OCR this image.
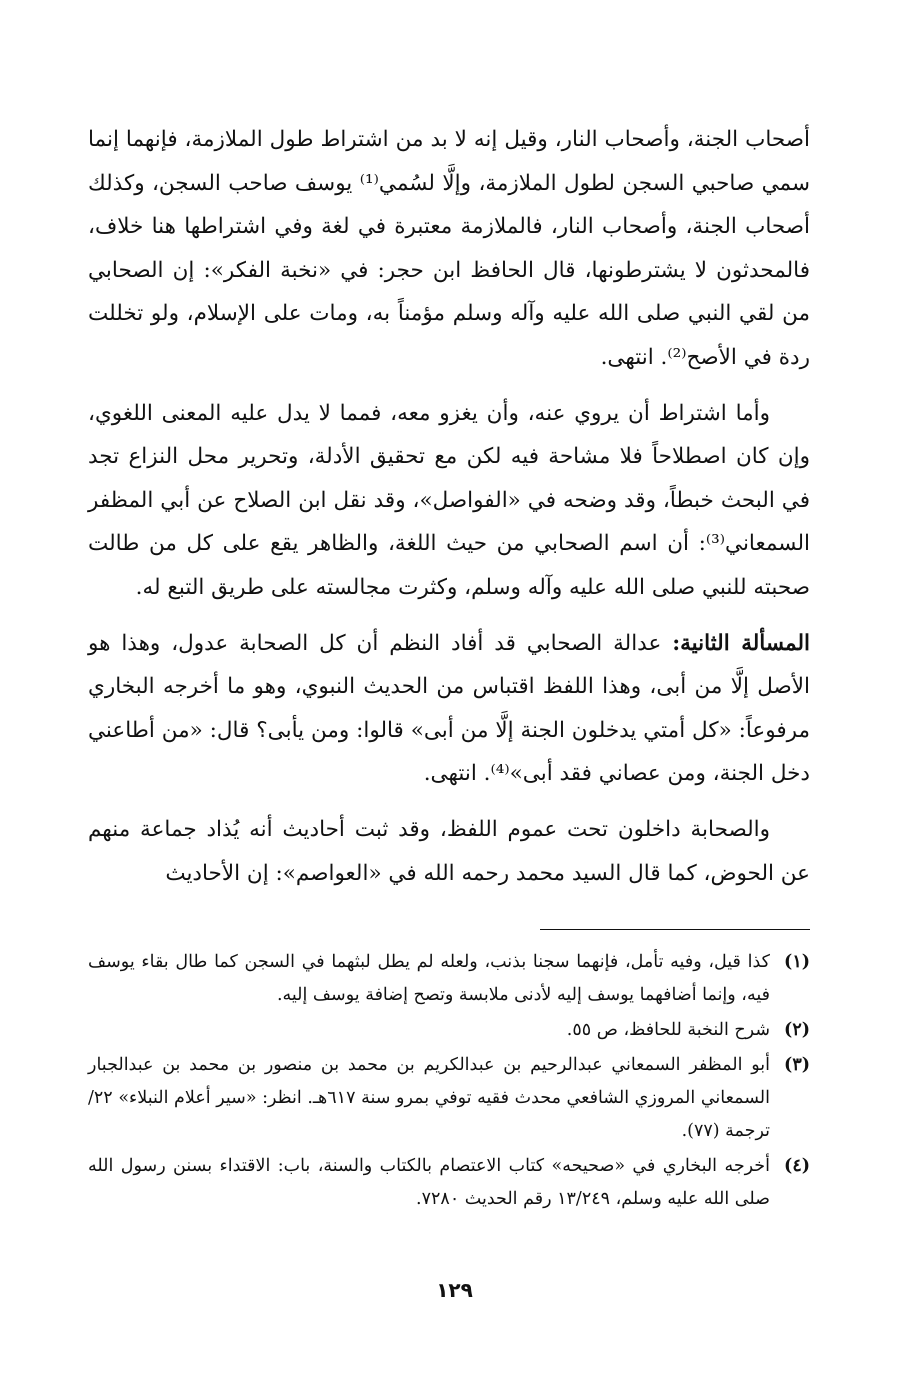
أصحاب الجنة، وأصحاب النار، وقيل إنه لا بد من اشتراط طول الملازمة، فإنهما إنما سمي صاحبي السجن لطول الملازمة، وإلَّا لسُمي⁽¹⁾ يوسف صاحب السجن، وكذلك أصحاب الجنة، وأصحاب النار، فالملازمة معتبرة في لغة وفي اشتراطها هنا خلاف، فالمحدثون لا يشترطونها، قال الحافظ ابن حجر: في «نخبة الفكر»: إن الصحابي من لقي النبي صلى الله عليه وآله وسلم مؤمناً به، ومات على الإسلام، ولو تخللت ردة في الأصح⁽²⁾. انتهى.

وأما اشتراط أن يروي عنه، وأن يغزو معه، فمما لا يدل عليه المعنى اللغوي، وإن كان اصطلاحاً فلا مشاحة فيه لكن مع تحقيق الأدلة، وتحرير محل النزاع تجد في البحث خبطاً، وقد وضحه في «الفواصل»، وقد نقل ابن الصلاح عن أبي المظفر السمعاني⁽³⁾: أن اسم الصحابي من حيث اللغة، والظاهر يقع على كل من طالت صحبته للنبي صلى الله عليه وآله وسلم، وكثرت مجالسته على طريق التبع له.

المسألة الثانية: عدالة الصحابي قد أفاد النظم أن كل الصحابة عدول، وهذا هو الأصل إلَّا من أبى، وهذا اللفظ اقتباس من الحديث النبوي، وهو ما أخرجه البخاري مرفوعاً: «كل أمتي يدخلون الجنة إلَّا من أبى» قالوا: ومن يأبى؟ قال: «من أطاعني دخل الجنة، ومن عصاني فقد أبى»⁽⁴⁾. انتهى.

والصحابة داخلون تحت عموم اللفظ، وقد ثبت أحاديث أنه يُذاد جماعة منهم عن الحوض، كما قال السيد محمد رحمه الله في «العواصم»: إن الأحاديث

(١)
كذا قيل، وفيه تأمل، فإنهما سجنا بذنب، ولعله لم يطل لبثهما في السجن كما طال بقاء يوسف فيه، وإنما أضافهما يوسف إليه لأدنى ملابسة وتصح إضافة يوسف إليه.
(٢)
شرح النخبة للحافظ، ص ٥٥.
(٣)
أبو المظفر السمعاني عبدالرحيم بن عبدالكريم بن محمد بن منصور بن محمد بن عبدالجبار السمعاني المروزي الشافعي محدث فقيه توفي بمرو سنة ٦١٧هـ. انظر: «سير أعلام النبلاء» ٢٢/ ترجمة (٧٧).
(٤)
أخرجه البخاري في «صحيحه» كتاب الاعتصام بالكتاب والسنة، باب: الاقتداء بسنن رسول الله صلى الله عليه وسلم، ١٣/٢٤٩ رقم الحديث ٧٢٨٠.
١٢٩
